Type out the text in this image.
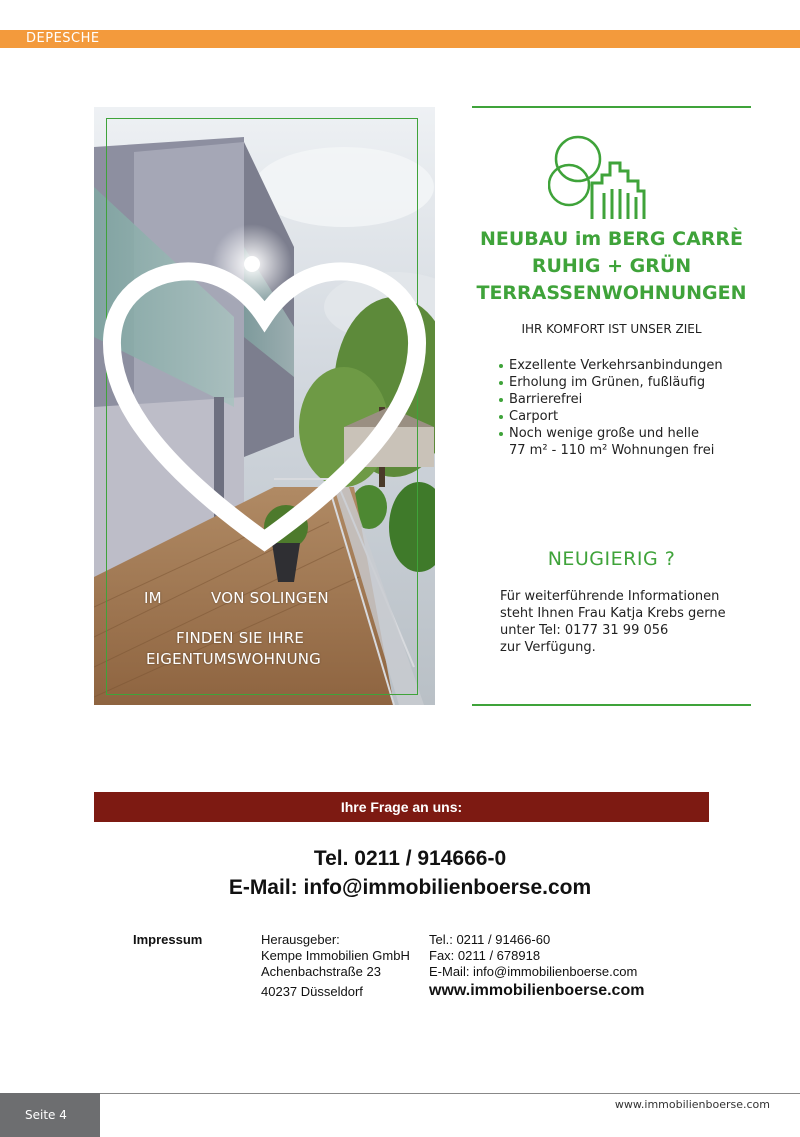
DEPESCHE
IM	VON SOLINGEN
FINDEN SIE IHRE
EIGENTUMSWOHNUNG
NEUBAU im BERG CARRÈ
RUHIG + GRÜN
TERRASSENWOHNUNGEN
IHR KOMFORT IST UNSER ZIEL
Exzellente Verkehrsanbindungen
Erholung im Grünen, fußläufig
Barrierefrei
Carport
Noch wenige große und helle
77 m² - 110 m² Wohnungen frei
NEUGIERIG ?
Für weiterführende Informationen
steht Ihnen Frau Katja Krebs gerne
unter Tel: 0177 31 99 056
zur Verfügung.
Ihre Frage an uns:
Tel. 0211 / 914666-0
E-Mail: info@immobilienboerse.com
Impressum	Herausgeber:
Kempe Immobilien GmbH
Achenbachstraße 23
40237 Düsseldorf
Tel.: 0211 / 91466-60
Fax: 0211 / 678918
E-Mail: info@immobilienboerse.com
www.immobilienboerse.com
Seite 4
www.immobilienboerse.com
